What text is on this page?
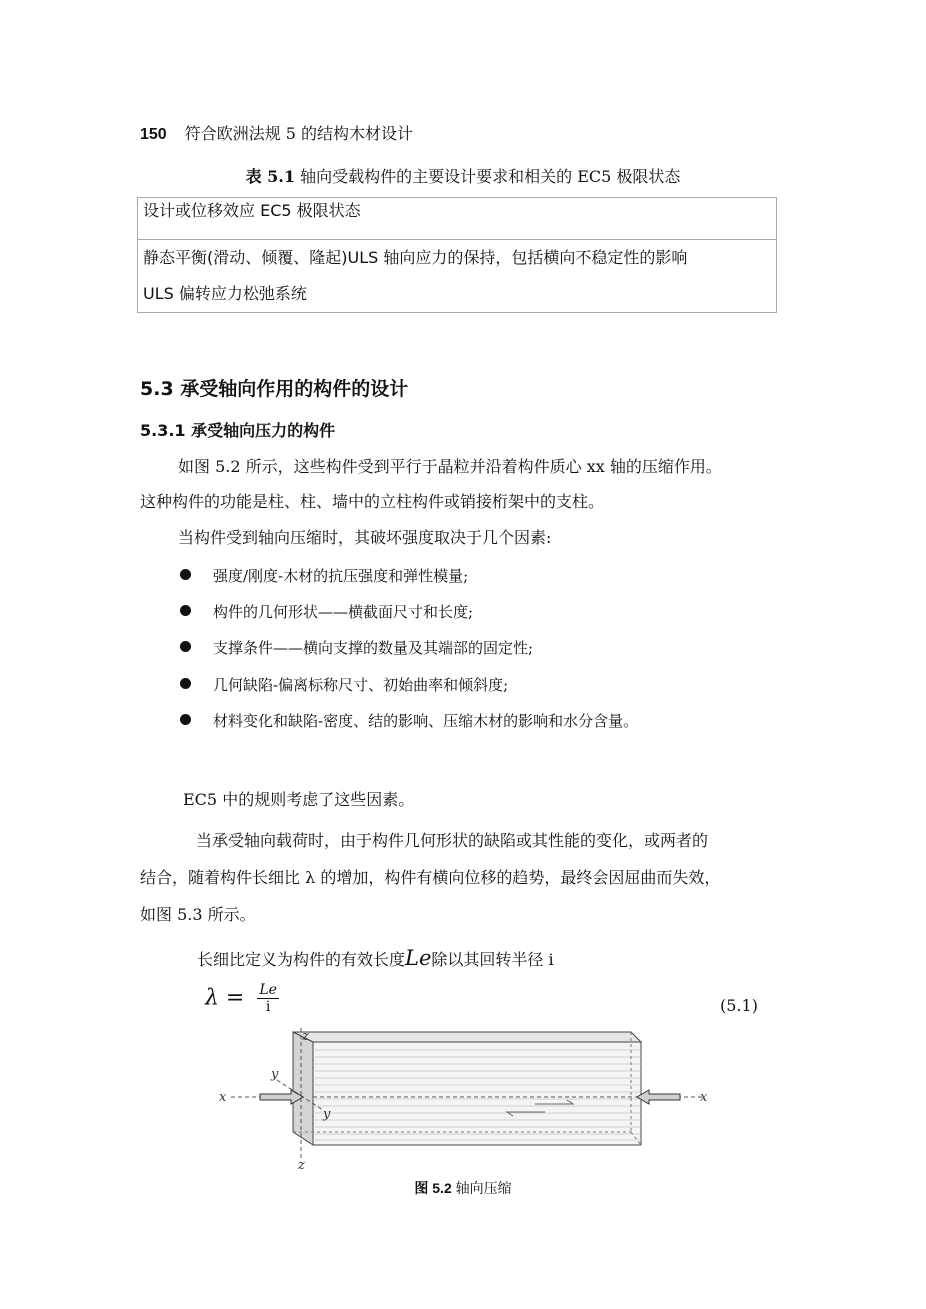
150 符合欧洲法规 5 的结构木材设计
表 5.1 轴向受载构件的主要设计要求和相关的 EC5 极限状态
设计或位移效应 EC5 极限状态

静态平衡(滑动、倾覆、隆起)ULS 轴向应力的保持，包括横向不稳定性的影响
ULS 偏转应力松弛系统
5.3 承受轴向作用的构件的设计
5.3.1 承受轴向压力的构件
如图 5.2 所示，这些构件受到平行于晶粒并沿着构件质心 xx 轴的压缩作用。
这种构件的功能是柱、柱、墙中的立柱构件或销接桁架中的支柱。
当构件受到轴向压缩时，其破坏强度取决于几个因素:
强度/刚度-木材的抗压强度和弹性模量;
构件的几何形状——横截面尺寸和长度;
支撑条件——横向支撑的数量及其端部的固定性;
几何缺陷-偏离标称尺寸、初始曲率和倾斜度;
材料变化和缺陷-密度、结的影响、压缩木材的影响和水分含量。
EC5 中的规则考虑了这些因素。
当承受轴向载荷时，由于构件几何形状的缺陷或其性能的变化，或两者的
结合，随着构件长细比 λ 的增加，构件有横向位移的趋势，最终会因屈曲而失效，
如图 5.3 所示。
长细比定义为构件的有效长度Le除以其回转半径 i
$\lambda = \frac{Le}{i}$	(5.1)
x	x
y
y
z
z
图 5.2 轴向压缩
